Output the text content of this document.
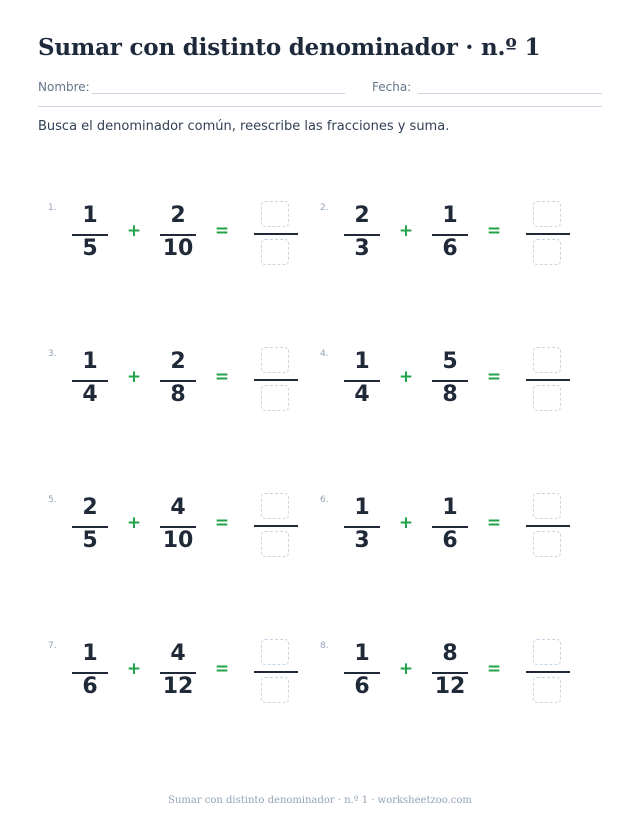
Sumar con distinto denominador · n.º 1
Nombre:	Fecha:

Busca el denominador común, reescribe las fracciones y suma.

1.	1
5
+
2
10
=
2.	2
3
+
1
6
=
3.	1
4
+
2
8
=
4.	1
4
+
5
8
=
5.	2
5
+
4
10
=
6.	1
3
+
1
6
=
7.	1
6
+
4
12
=
8.	1
6
+
8
12
=
Sumar con distinto denominador · n.º 1 · worksheetzoo.com
